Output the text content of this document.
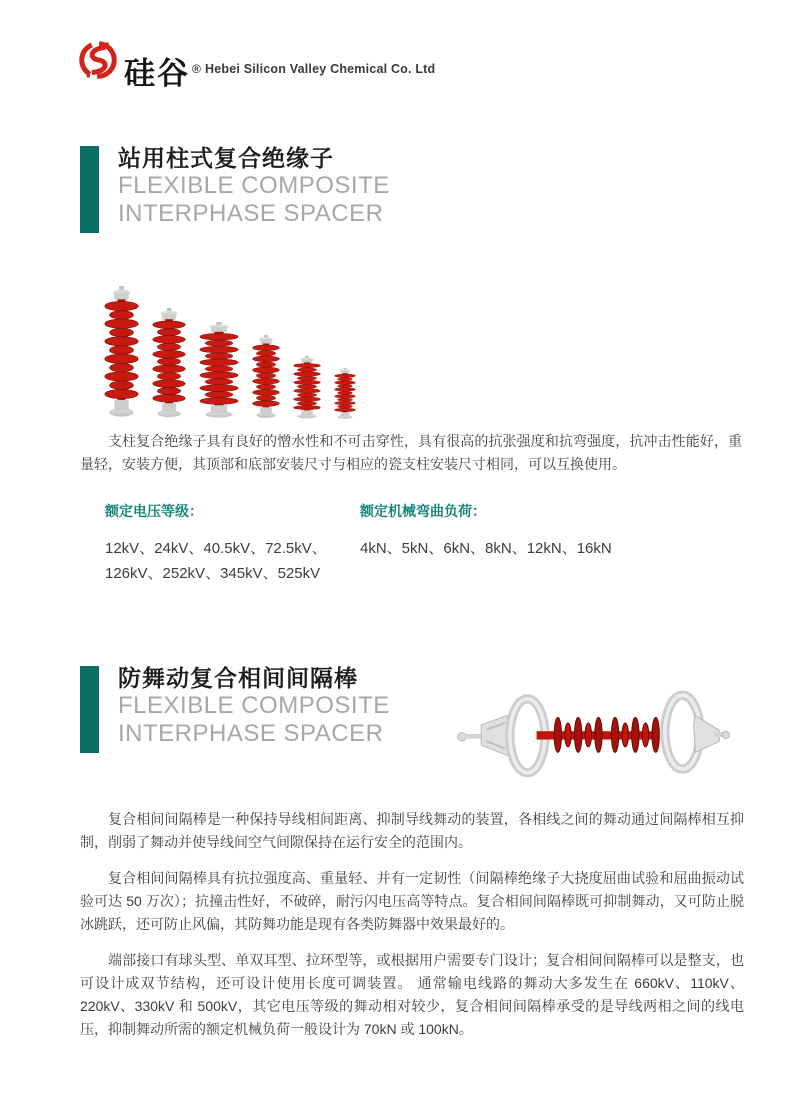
硅谷 ® Hebei Silicon Valley Chemical Co. Ltd
站用柱式复合绝缘子
FLEXIBLE COMPOSITE
INTERPHASE SPACER

支柱复合绝缘子具有良好的憎水性和不可击穿性，具有很高的抗张强度和抗弯强度，抗冲击性能好，重量轻，安装方便，其顶部和底部安装尺寸与相应的瓷支柱安装尺寸相同，可以互换使用。

额定电压等级：
12kV、24kV、40.5kV、72.5kV、
126kV、252kV、345kV、525kV
额定机械弯曲负荷：
4kN、5kN、6kN、8kN、12kN、16kN
防舞动复合相间间隔棒
FLEXIBLE COMPOSITE
INTERPHASE SPACER

复合相间间隔棒是一种保持导线相间距离、抑制导线舞动的装置，各相线之间的舞动通过间隔棒相互抑制，削弱了舞动并使导线间空气间隙保持在运行安全的范围内。

复合相间间隔棒具有抗拉强度高、重量轻、并有一定韧性（间隔棒绝缘子大挠度屈曲试验和屈曲振动试验可达 50 万次）；抗撞击性好，不破碎，耐污闪电压高等特点。复合相间间隔棒既可抑制舞动，又可防止脱冰跳跃，还可防止风偏，其防舞功能是现有各类防舞器中效果最好的。

端部接口有球头型、单双耳型、拉环型等，或根据用户需要专门设计；复合相间间隔棒可以是整支，也可设计成双节结构，还可设计使用长度可调装置。 通常输电线路的舞动大多发生在 660kV、110kV、220kV、330kV 和 500kV，其它电压等级的舞动相对较少，复合相间间隔棒承受的是导线两相之间的线电压，抑制舞动所需的额定机械负荷一般设计为 70kN 或 100kN。
